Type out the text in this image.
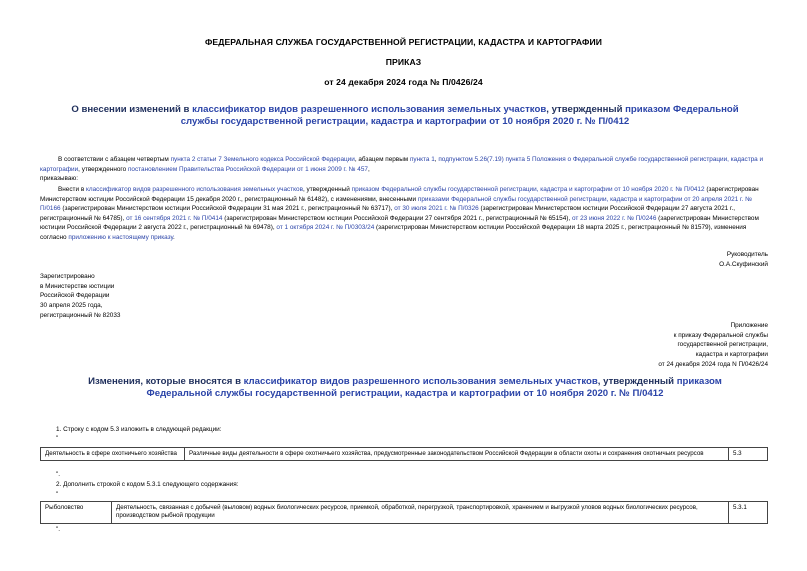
ФЕДЕРАЛЬНАЯ СЛУЖБА ГОСУДАРСТВЕННОЙ РЕГИСТРАЦИИ, КАДАСТРА И КАРТОГРАФИИ
ПРИКАЗ
от 24 декабря 2024 года № П/0426/24
О внесении изменений в классификатор видов разрешенного использования земельных участков, утвержденный приказом Федеральной службы государственной регистрации, кадастра и картографии от 10 ноября 2020 г. № П/0412

В соответствии с абзацем четвертым пункта 2 статьи 7 Земельного кодекса Российской Федерации, абзацем первым пункта 1, подпунктом 5.26(7.19) пункта 5 Положения о Федеральной службе государственной регистрации, кадастра и картографии, утвержденного постановлением Правительства Российской Федерации от 1 июня 2009 г. № 457,

приказываю:

Внести в классификатор видов разрешенного использования земельных участков, утвержденный приказом Федеральной службы государственной регистрации, кадастра и картографии от 10 ноября 2020 г. № П/0412 (зарегистрирован Министерством юстиции Российской Федерации 15 декабря 2020 г., регистрационный № 61482), с изменениями, внесенными приказами Федеральной службы государственной регистрации, кадастра и картографии от 20 апреля 2021 г. № П/0166 (зарегистрирован Министерством юстиции Российской Федерации 31 мая 2021 г., регистрационный № 63717), от 30 июля 2021 г. № П/0326 (зарегистрирован Министерством юстиции Российской Федерации 27 августа 2021 г., регистрационный № 64785), от 16 сентября 2021 г. № П/0414 (зарегистрирован Министерством юстиции Российской Федерации 27 сентября 2021 г., регистрационный № 65154), от 23 июня 2022 г. № П/0246 (зарегистрирован Министерством юстиции Российской Федерации 2 августа 2022 г., регистрационный № 69478), от 1 октября 2024 г. № П/0303/24 (зарегистрирован Министерством юстиции Российской Федерации 18 марта 2025 г., регистрационный № 81579), изменения согласно приложению к настоящему приказу.

Руководитель
О.А.Скуфинский
Зарегистрировано
в Министерстве юстиции
Российской Федерации
30 апреля 2025 года,
регистрационный № 82033
Приложение
к приказу Федеральной службы
государственной регистрации,
кадастра и картографии
от 24 декабря 2024 года N П/0426/24
Изменения, которые вносятся в классификатор видов разрешенного использования земельных участков, утвержденный приказом Федеральной службы государственной регистрации, кадастра и картографии от 10 ноября 2020 г. № П/0412
1. Строку с кодом 5.3 изложить в следующей редакции:
"
Деятельность в сфере охотничьего хозяйства	Различные виды деятельности в сфере охотничьего хозяйства, предусмотренные законодательством Российской Федерации в области охоты и сохранения охотничьих ресурсов	5.3
".
2. Дополнить строкой с кодом 5.3.1 следующего содержания:
"
Рыболовство	Деятельность, связанная с добычей (выловом) водных биологических ресурсов, приемкой, обработкой, перегрузкой, транспортировкой, хранением и выгрузкой уловов водных биологических ресурсов, производством рыбной продукции	5.3.1
".
